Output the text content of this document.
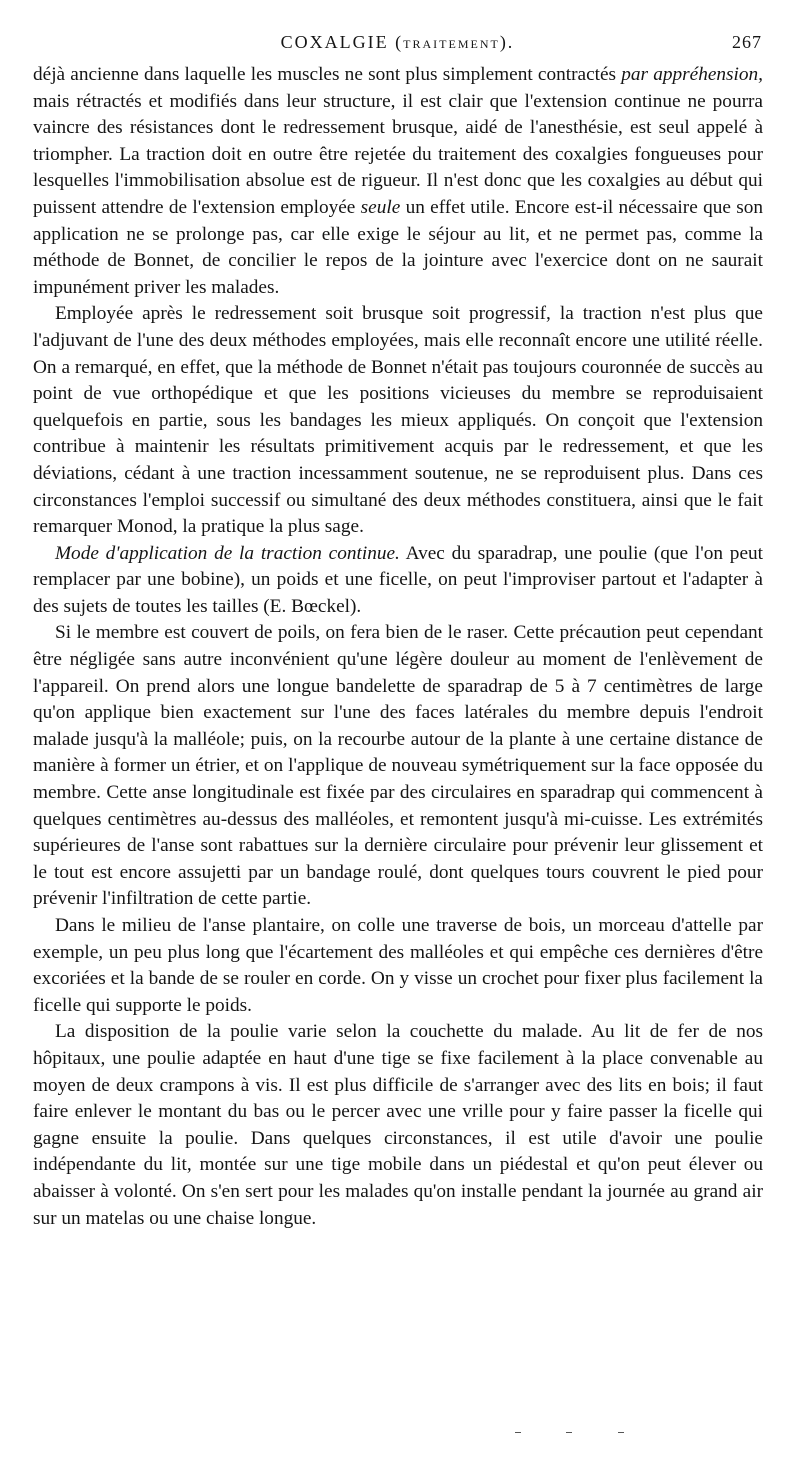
COXALGIE (TRAITEMENT).	267

déjà ancienne dans laquelle les muscles ne sont plus simplement contractés par appréhension, mais rétractés et modifiés dans leur structure, il est clair que l'extension continue ne pourra vaincre des résistances dont le redressement brusque, aidé de l'anesthésie, est seul appelé à triompher. La traction doit en outre être rejetée du traitement des coxalgies fongueuses pour lesquelles l'immobilisation absolue est de rigueur. Il n'est donc que les coxalgies au début qui puissent attendre de l'extension employée seule un effet utile. Encore est-il nécessaire que son application ne se prolonge pas, car elle exige le séjour au lit, et ne permet pas, comme la méthode de Bonnet, de concilier le repos de la jointure avec l'exercice dont on ne saurait impunément priver les malades.

Employée après le redressement soit brusque soit progressif, la traction n'est plus que l'adjuvant de l'une des deux méthodes employées, mais elle reconnaît encore une utilité réelle. On a remarqué, en effet, que la méthode de Bonnet n'était pas toujours couronnée de succès au point de vue orthopédique et que les positions vicieuses du membre se reproduisaient quelquefois en partie, sous les bandages les mieux appliqués. On conçoit que l'extension contribue à maintenir les résultats primitivement acquis par le redressement, et que les déviations, cédant à une traction incessamment soutenue, ne se reproduisent plus. Dans ces circonstances l'emploi successif ou simultané des deux méthodes constituera, ainsi que le fait remarquer Monod, la pratique la plus sage.

Mode d'application de la traction continue. Avec du sparadrap, une poulie (que l'on peut remplacer par une bobine), un poids et une ficelle, on peut l'improviser partout et l'adapter à des sujets de toutes les tailles (E. Bœckel).

Si le membre est couvert de poils, on fera bien de le raser. Cette précaution peut cependant être négligée sans autre inconvénient qu'une légère douleur au moment de l'enlèvement de l'appareil. On prend alors une longue bandelette de sparadrap de 5 à 7 centimètres de large qu'on applique bien exactement sur l'une des faces latérales du membre depuis l'endroit malade jusqu'à la malléole; puis, on la recourbe autour de la plante à une certaine distance de manière à former un étrier, et on l'applique de nouveau symétriquement sur la face opposée du membre. Cette anse longitudinale est fixée par des circulaires en sparadrap qui commencent à quelques centimètres au-dessus des malléoles, et remontent jusqu'à mi-cuisse. Les extrémités supérieures de l'anse sont rabattues sur la dernière circulaire pour prévenir leur glissement et le tout est encore assujetti par un bandage roulé, dont quelques tours couvrent le pied pour prévenir l'infiltration de cette partie.

Dans le milieu de l'anse plantaire, on colle une traverse de bois, un morceau d'attelle par exemple, un peu plus long que l'écartement des malléoles et qui empêche ces dernières d'être excoriées et la bande de se rouler en corde. On y visse un crochet pour fixer plus facilement la ficelle qui supporte le poids.

La disposition de la poulie varie selon la couchette du malade. Au lit de fer de nos hôpitaux, une poulie adaptée en haut d'une tige se fixe facilement à la place convenable au moyen de deux crampons à vis. Il est plus difficile de s'arranger avec des lits en bois; il faut faire enlever le montant du bas ou le percer avec une vrille pour y faire passer la ficelle qui gagne ensuite la poulie. Dans quelques circonstances, il est utile d'avoir une poulie indépendante du lit, montée sur une tige mobile dans un piédestal et qu'on peut élever ou abaisser à volonté. On s'en sert pour les malades qu'on installe pendant la journée au grand air sur un matelas ou une chaise longue.
